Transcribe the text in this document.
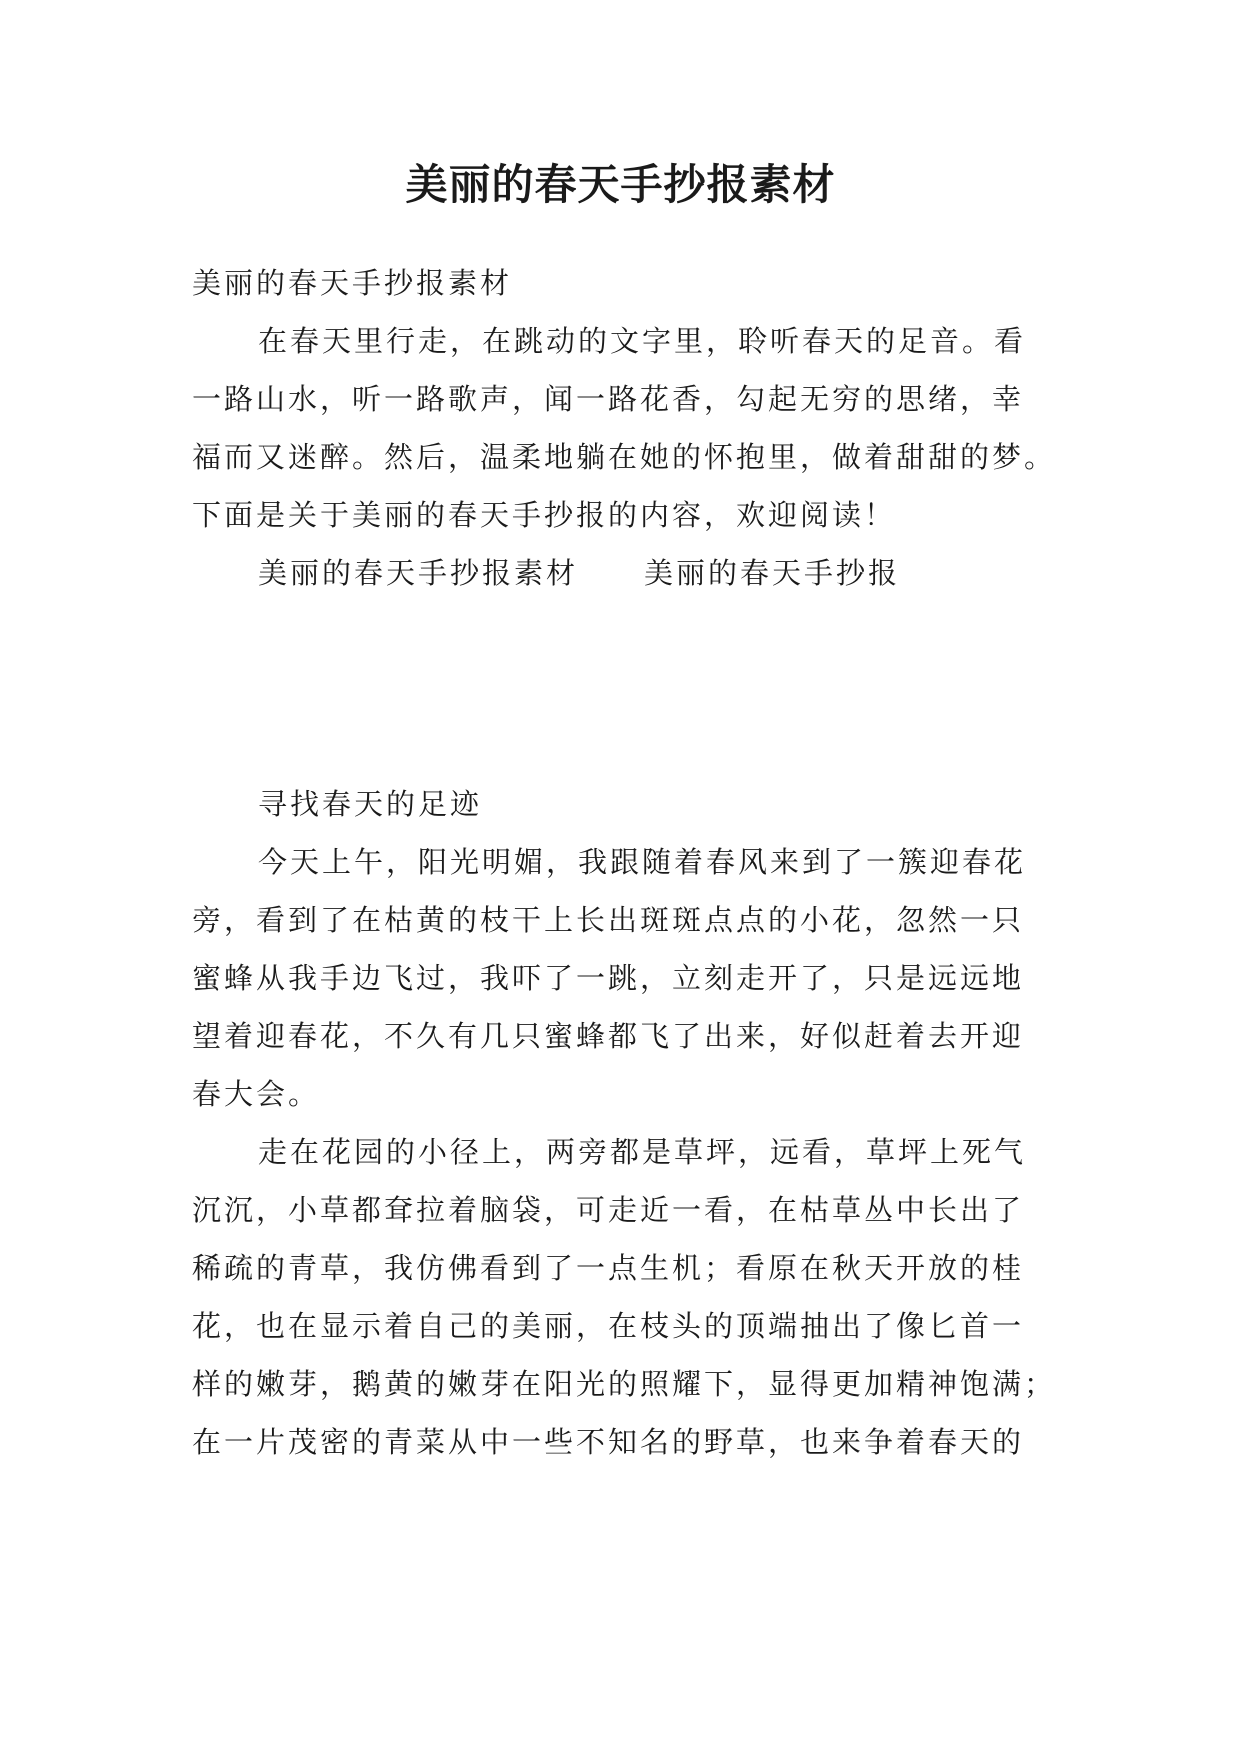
美丽的春天手抄报素材
美丽的春天手抄报素材
在春天里行走，在跳动的文字里，聆听春天的足音。看
一路山水，听一路歌声，闻一路花香，勾起无穷的思绪，幸
福而又迷醉。然后，温柔地躺在她的怀抱里，做着甜甜的梦。
下面是关于美丽的春天手抄报的内容，欢迎阅读！
美丽的春天手抄报素材 美丽的春天手抄报
寻找春天的足迹
今天上午，阳光明媚，我跟随着春风来到了一簇迎春花
旁，看到了在枯黄的枝干上长出斑斑点点的小花，忽然一只
蜜蜂从我手边飞过，我吓了一跳，立刻走开了，只是远远地
望着迎春花，不久有几只蜜蜂都飞了出来，好似赶着去开迎
春大会。
走在花园的小径上，两旁都是草坪，远看，草坪上死气
沉沉，小草都耷拉着脑袋，可走近一看，在枯草丛中长出了
稀疏的青草，我仿佛看到了一点生机；看原在秋天开放的桂
花，也在显示着自己的美丽，在枝头的顶端抽出了像匕首一
样的嫩芽，鹅黄的嫩芽在阳光的照耀下，显得更加精神饱满；
在一片茂密的青菜从中一些不知名的野草，也来争着春天的
